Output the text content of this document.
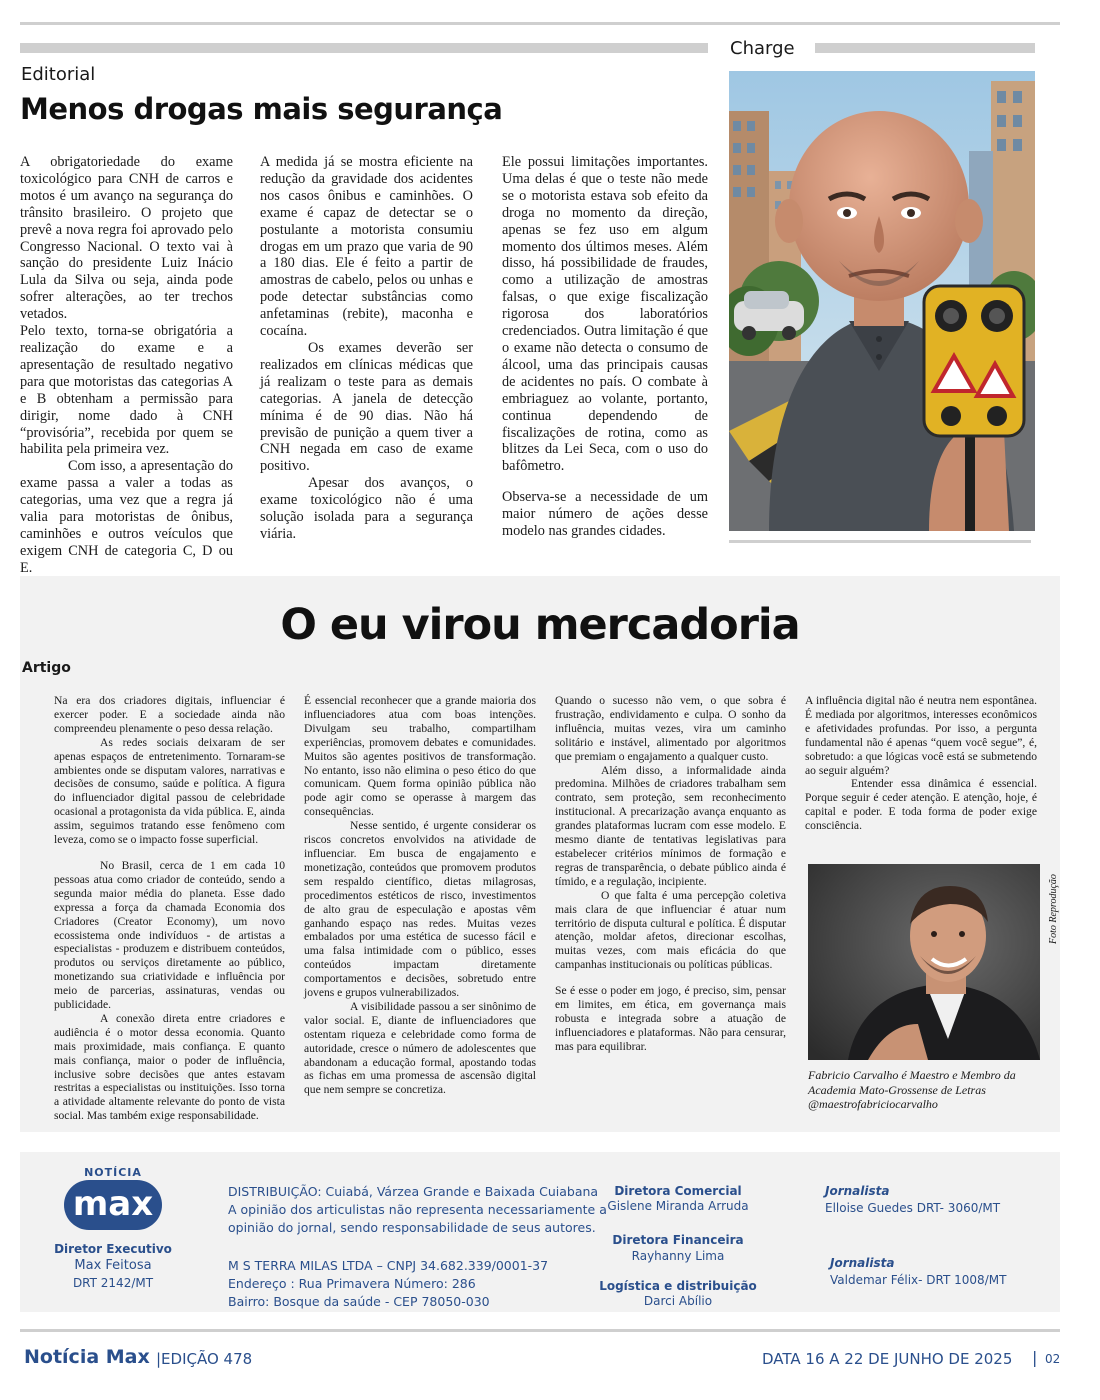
Editorial
Menos drogas mais segurança

A obrigatoriedade do exame toxicológico para CNH de carros e motos é um avanço na segurança do trânsito brasileiro. O projeto que prevê a nova regra foi aprovado pelo Congresso Nacional. O texto vai à sanção do presidente Luiz Inácio Lula da Silva ou seja, ainda pode sofrer alterações, ao ter trechos vetados.

Pelo texto, torna-se obrigatória a realização do exame e a apresentação de resultado negativo para que motoristas das categorias A e B obtenham a permissão para dirigir, nome dado à CNH “provisória”, recebida por quem se habilita pela primeira vez.

Com isso, a apresentação do exame passa a valer a todas as categorias, uma vez que a regra já valia para motoristas de ônibus, caminhões e outros veículos que exigem CNH de categoria C, D ou E.

A medida já se mostra eficiente na redução da gravidade dos acidentes nos casos ônibus e caminhões. O exame é capaz de detectar se o postulante a motorista consumiu drogas em um prazo que varia de 90 a 180 dias. Ele é feito a partir de amostras de cabelo, pelos ou unhas e pode detectar substâncias como anfetaminas (rebite), maconha e cocaína.

Os exames deverão ser realizados em clínicas médicas que já realizam o teste para as demais categorias. A janela de detecção mínima é de 90 dias. Não há previsão de punição a quem tiver a CNH negada em caso de exame positivo.

Apesar dos avanços, o exame toxicológico não é uma solução isolada para a segurança viária.

Ele possui limitações importantes. Uma delas é que o teste não mede se o motorista estava sob efeito da droga no momento da direção, apenas se fez uso em algum momento dos últimos meses. Além disso, há possibilidade de fraudes, como a utilização de amostras falsas, o que exige fiscalização rigorosa dos laboratórios credenciados. Outra limitação é que o exame não detecta o consumo de álcool, uma das principais causas de acidentes no país. O combate à embriaguez ao volante, portanto, continua dependendo de fiscalizações de rotina, como as blitzes da Lei Seca, com o uso do bafômetro.

Observa-se a necessidade de um maior número de ações desse modelo nas grandes cidades.

Charge
O eu virou mercadoria
Artigo

Na era dos criadores digitais, influenciar é exercer poder. E a sociedade ainda não compreendeu plenamente o peso dessa relação.

As redes sociais deixaram de ser apenas espaços de entretenimento. Tornaram-se ambientes onde se disputam valores, narrativas e decisões de consumo, saúde e política. A figura do influenciador digital passou de celebridade ocasional a protagonista da vida pública. E, ainda assim, seguimos tratando esse fenômeno com leveza, como se o impacto fosse superficial.

No Brasil, cerca de 1 em cada 10 pessoas atua como criador de conteúdo, sendo a segunda maior média do planeta. Esse dado expressa a força da chamada Economia dos Criadores (Creator Economy), um novo ecossistema onde indivíduos - de artistas a especialistas - produzem e distribuem conteúdos, produtos ou serviços diretamente ao público, monetizando sua criatividade e influência por meio de parcerias, assinaturas, vendas ou publicidade.

A conexão direta entre criadores e audiência é o motor dessa economia. Quanto mais proximidade, mais confiança. E quanto mais confiança, maior o poder de influência, inclusive sobre decisões que antes estavam restritas a especialistas ou instituições. Isso torna a atividade altamente relevante do ponto de vista social. Mas também exige responsabilidade.

É essencial reconhecer que a grande maioria dos influenciadores atua com boas intenções. Divulgam seu trabalho, compartilham experiências, promovem debates e comunidades. Muitos são agentes positivos de transformação. No entanto, isso não elimina o peso ético do que comunicam. Quem forma opinião pública não pode agir como se operasse à margem das consequências.

Nesse sentido, é urgente considerar os riscos concretos envolvidos na atividade de influenciar. Em busca de engajamento e monetização, conteúdos que promovem produtos sem respaldo científico, dietas milagrosas, procedimentos estéticos de risco, investimentos de alto grau de especulação e apostas vêm ganhando espaço nas redes. Muitas vezes embalados por uma estética de sucesso fácil e uma falsa intimidade com o público, esses conteúdos impactam diretamente comportamentos e decisões, sobretudo entre jovens e grupos vulnerabilizados.

A visibilidade passou a ser sinônimo de valor social. E, diante de influenciadores que ostentam riqueza e celebridade como forma de autoridade, cresce o número de adolescentes que abandonam a educação formal, apostando todas as fichas em uma promessa de ascensão digital que nem sempre se concretiza.

Quando o sucesso não vem, o que sobra é frustração, endividamento e culpa. O sonho da influência, muitas vezes, vira um caminho solitário e instável, alimentado por algoritmos que premiam o engajamento a qualquer custo.

Além disso, a informalidade ainda predomina. Milhões de criadores trabalham sem contrato, sem proteção, sem reconhecimento institucional. A precarização avança enquanto as grandes plataformas lucram com esse modelo. E mesmo diante de tentativas legislativas para estabelecer critérios mínimos de formação e regras de transparência, o debate público ainda é tímido, e a regulação, incipiente.

O que falta é uma percepção coletiva mais clara de que influenciar é atuar num território de disputa cultural e política. É disputar atenção, moldar afetos, direcionar escolhas, muitas vezes, com mais eficácia do que campanhas institucionais ou políticas públicas.

Se é esse o poder em jogo, é preciso, sim, pensar em limites, em ética, em governança mais robusta e integrada sobre a atuação de influenciadores e plataformas. Não para censurar, mas para equilibrar.

A influência digital não é neutra nem espontânea. É mediada por algoritmos, interesses econômicos e afetividades profundas. Por isso, a pergunta fundamental não é apenas “quem você segue”, é, sobretudo: a que lógicas você está se submetendo ao seguir alguém?

Entender essa dinâmica é essencial. Porque seguir é ceder atenção. E atenção, hoje, é capital e poder. E toda forma de poder exige consciência.

Foto Reprodução
Fabricio Carvalho é Maestro e Membro da Academia Mato-Grossense de Letras @maestrofabriciocarvalho
NOTÍCIA
max
Diretor Executivo
Max Feitosa
DRT 2142/MT
DISTRIBUIÇÃO: Cuiabá, Várzea Grande e Baixada Cuiabana
A opinião dos articulistas não representa necessariamente a
opinião do jornal, sendo responsabilidade de seus autores.
M S TERRA MILAS LTDA – CNPJ 34.682.339/0001-37
Endereço : Rua Primavera Número: 286
Bairro: Bosque da saúde - CEP 78050-030
Diretora Comercial
Gislene Miranda Arruda
Diretora Financeira
Rayhanny Lima
Logística e distribuição
Darci Abílio
Jornalista
Elloise Guedes DRT- 3060/MT
Jornalista
Valdemar Félix- DRT 1008/MT
Notícia Max |EDIÇÃO 478	DATA 16 A 22 DE JUNHO DE 2025 | 02
